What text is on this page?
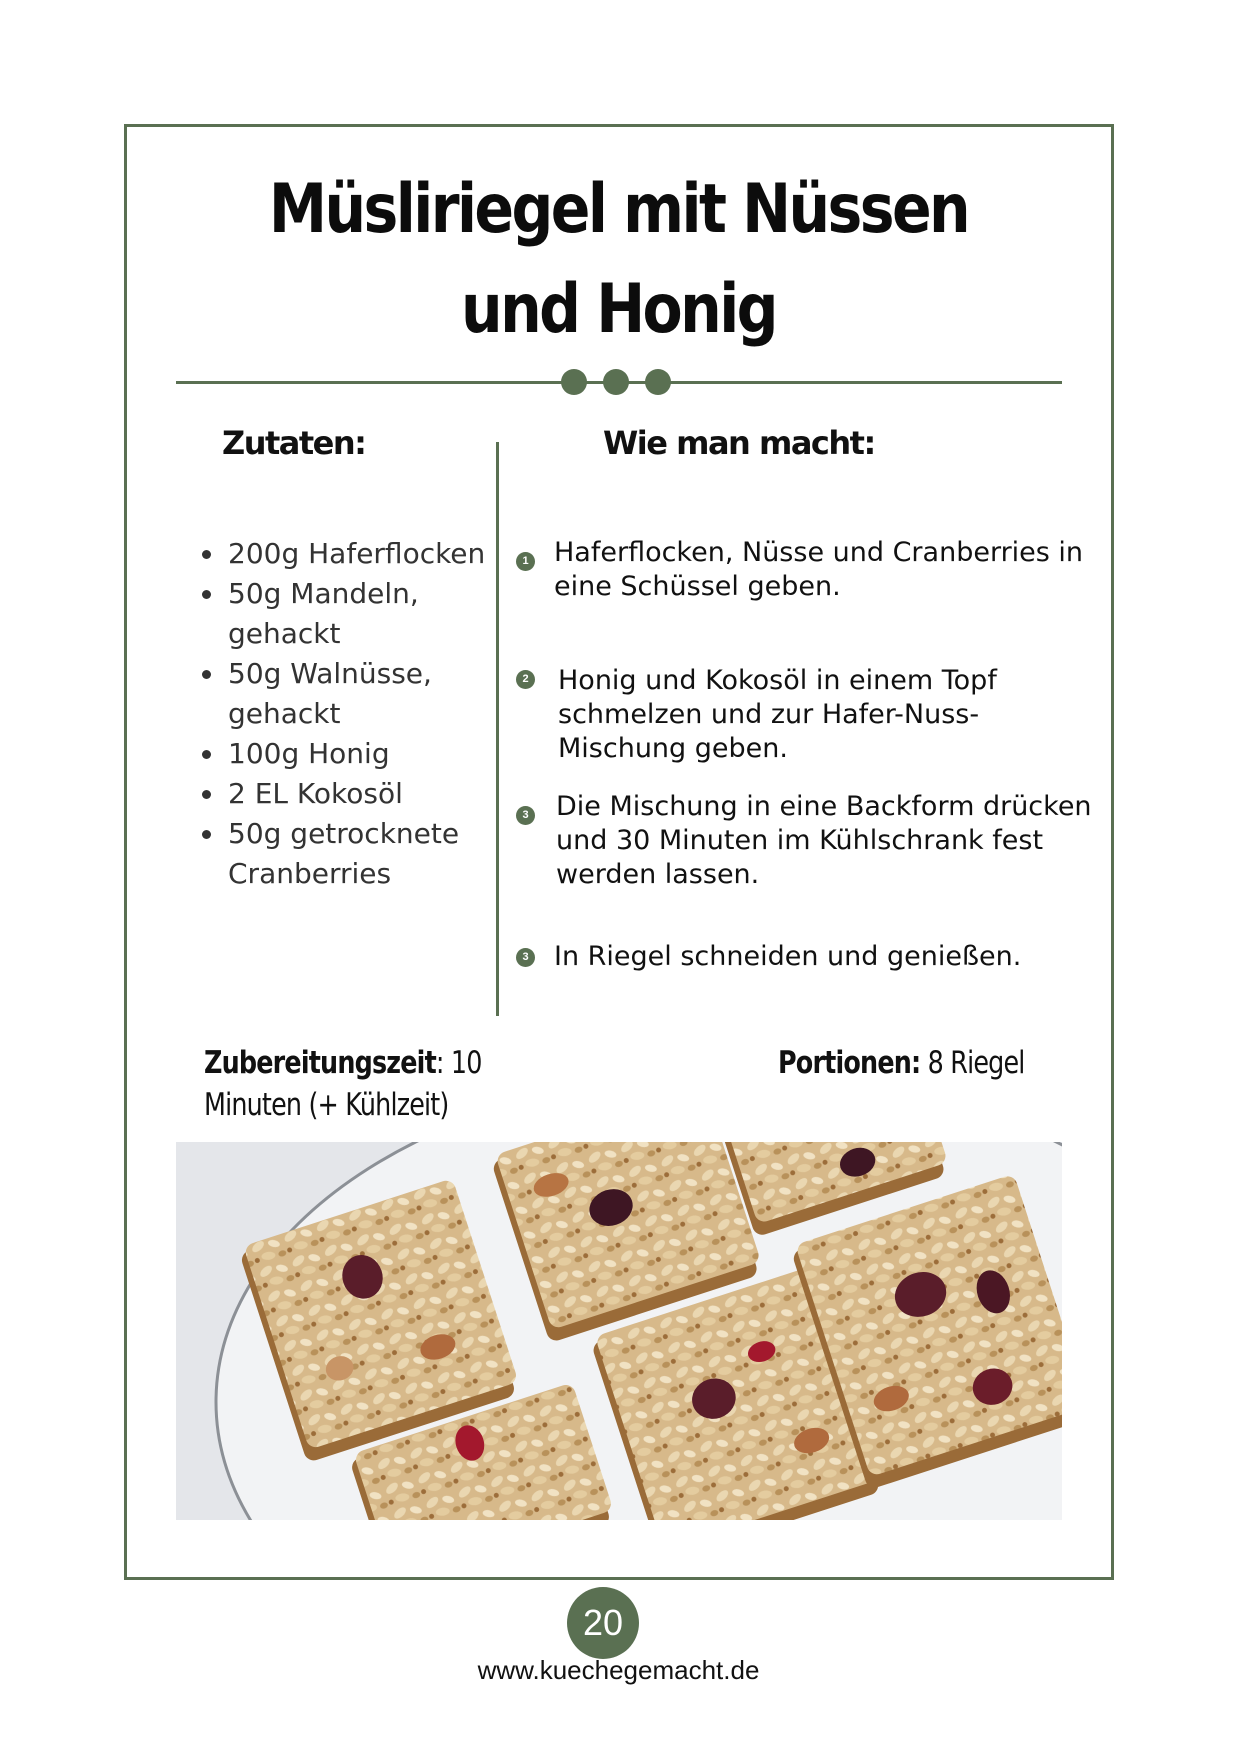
Müsliriegel mit Nüssen
und Honig
Zutaten:	Wie man macht:
• 200g Haferflocken
• 50g Mandeln, gehackt
• 50g Walnüsse, gehackt
• 100g Honig
• 2 EL Kokosöl
• 50g getrocknete Cranberries
1 Haferflocken, Nüsse und Cranberries in eine Schüssel geben.
2 Honig und Kokosöl in einem Topf schmelzen und zur Hafer-Nuss-Mischung geben.
3 Die Mischung in eine Backform drücken und 30 Minuten im Kühlschrank fest werden lassen.
3 In Riegel schneiden und genießen.
Zubereitungszeit: 10 Minuten (+ Kühlzeit)
Portionen: 8 Riegel
20
www.kuechegemacht.de
